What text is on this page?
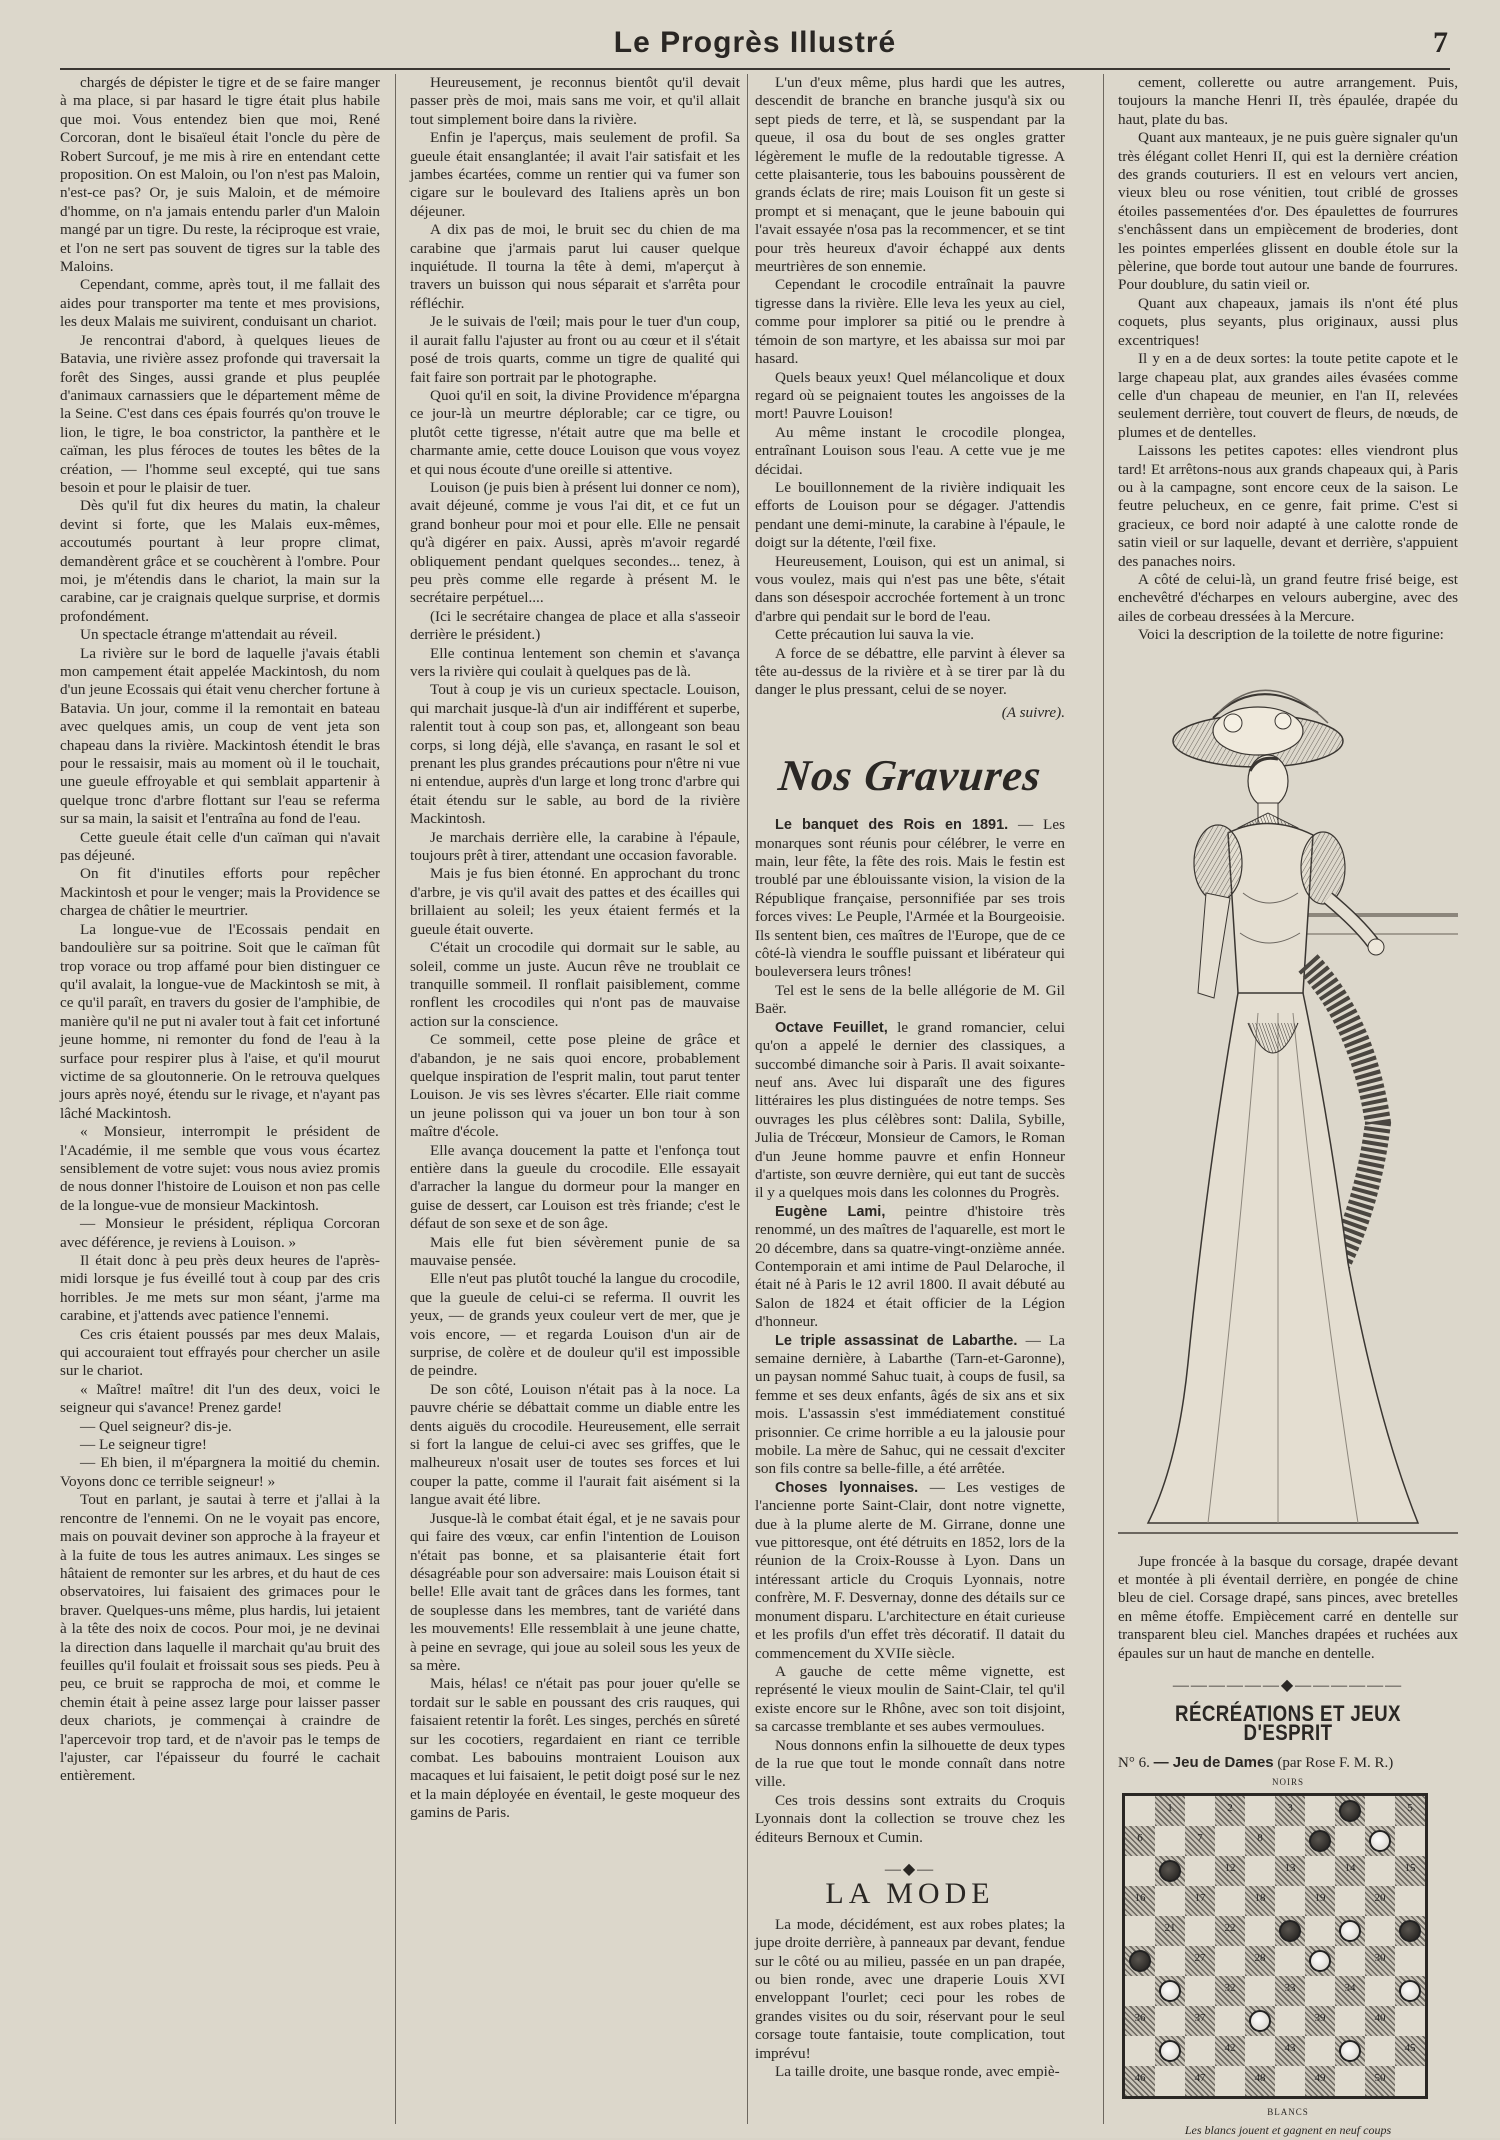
Le Progrès Illustré	7

chargés de dépister le tigre et de se faire manger à ma place, si par hasard le tigre était plus habile que moi. Vous entendez bien que moi, René Corcoran, dont le bisaïeul était l'oncle du père de Robert Surcouf, je me mis à rire en entendant cette proposition. On est Maloin, ou l'on n'est pas Maloin, n'est-ce pas? Or, je suis Maloin, et de mémoire d'homme, on n'a jamais entendu parler d'un Maloin mangé par un tigre. Du reste, la réciproque est vraie, et l'on ne sert pas souvent de tigres sur la table des Maloins.

Cependant, comme, après tout, il me fallait des aides pour transporter ma tente et mes provisions, les deux Malais me suivirent, conduisant un chariot.

Je rencontrai d'abord, à quelques lieues de Batavia, une rivière assez profonde qui traversait la forêt des Singes, aussi grande et plus peuplée d'animaux carnassiers que le département même de la Seine. C'est dans ces épais fourrés qu'on trouve le lion, le tigre, le boa constrictor, la panthère et le caïman, les plus féroces de toutes les bêtes de la création, — l'homme seul excepté, qui tue sans besoin et pour le plaisir de tuer.

Dès qu'il fut dix heures du matin, la chaleur devint si forte, que les Malais eux-mêmes, accoutumés pourtant à leur propre climat, demandèrent grâce et se couchèrent à l'ombre. Pour moi, je m'étendis dans le chariot, la main sur la carabine, car je craignais quelque surprise, et dormis profondément.

Un spectacle étrange m'attendait au réveil.

La rivière sur le bord de laquelle j'avais établi mon campement était appelée Mackintosh, du nom d'un jeune Ecossais qui était venu chercher fortune à Batavia. Un jour, comme il la remontait en bateau avec quelques amis, un coup de vent jeta son chapeau dans la rivière. Mackintosh étendit le bras pour le ressaisir, mais au moment où il le touchait, une gueule effroyable et qui semblait appartenir à quelque tronc d'arbre flottant sur l'eau se referma sur sa main, la saisit et l'entraîna au fond de l'eau.

Cette gueule était celle d'un caïman qui n'avait pas déjeuné.

On fit d'inutiles efforts pour repêcher Mackintosh et pour le venger; mais la Providence se chargea de châtier le meurtrier.

La longue-vue de l'Ecossais pendait en bandoulière sur sa poitrine. Soit que le caïman fût trop vorace ou trop affamé pour bien distinguer ce qu'il avalait, la longue-vue de Mackintosh se mit, à ce qu'il paraît, en travers du gosier de l'amphibie, de manière qu'il ne put ni avaler tout à fait cet infortuné jeune homme, ni remonter du fond de l'eau à la surface pour respirer plus à l'aise, et qu'il mourut victime de sa gloutonnerie. On le retrouva quelques jours après noyé, étendu sur le rivage, et n'ayant pas lâché Mackintosh.

« Monsieur, interrompit le président de l'Académie, il me semble que vous vous écartez sensiblement de votre sujet: vous nous aviez promis de nous donner l'histoire de Louison et non pas celle de la longue-vue de monsieur Mackintosh.

— Monsieur le président, répliqua Corcoran avec déférence, je reviens à Louison. »

Il était donc à peu près deux heures de l'après-midi lorsque je fus éveillé tout à coup par des cris horribles. Je me mets sur mon séant, j'arme ma carabine, et j'attends avec patience l'ennemi.

Ces cris étaient poussés par mes deux Malais, qui accouraient tout effrayés pour chercher un asile sur le chariot.

« Maître! maître! dit l'un des deux, voici le seigneur qui s'avance! Prenez garde!

— Quel seigneur? dis-je.

— Le seigneur tigre!

— Eh bien, il m'épargnera la moitié du chemin. Voyons donc ce terrible seigneur! »

Tout en parlant, je sautai à terre et j'allai à la rencontre de l'ennemi. On ne le voyait pas encore, mais on pouvait deviner son approche à la frayeur et à la fuite de tous les autres animaux. Les singes se hâtaient de remonter sur les arbres, et du haut de ces observatoires, lui faisaient des grimaces pour le braver. Quelques-uns même, plus hardis, lui jetaient à la tête des noix de cocos. Pour moi, je ne devinai la direction dans laquelle il marchait qu'au bruit des feuilles qu'il foulait et froissait sous ses pieds. Peu à peu, ce bruit se rapprocha de moi, et comme le chemin était à peine assez large pour laisser passer deux chariots, je commençai à craindre de l'apercevoir trop tard, et de n'avoir pas le temps de l'ajuster, car l'épaisseur du fourré le cachait entièrement.

Heureusement, je reconnus bientôt qu'il devait passer près de moi, mais sans me voir, et qu'il allait tout simplement boire dans la rivière.

Enfin je l'aperçus, mais seulement de profil. Sa gueule était ensanglantée; il avait l'air satisfait et les jambes écartées, comme un rentier qui va fumer son cigare sur le boulevard des Italiens après un bon déjeuner.

A dix pas de moi, le bruit sec du chien de ma carabine que j'armais parut lui causer quelque inquiétude. Il tourna la tête à demi, m'aperçut à travers un buisson qui nous séparait et s'arrêta pour réfléchir.

Je le suivais de l'œil; mais pour le tuer d'un coup, il aurait fallu l'ajuster au front ou au cœur et il s'était posé de trois quarts, comme un tigre de qualité qui fait faire son portrait par le photographe.

Quoi qu'il en soit, la divine Providence m'épargna ce jour-là un meurtre déplorable; car ce tigre, ou plutôt cette tigresse, n'était autre que ma belle et charmante amie, cette douce Louison que vous voyez et qui nous écoute d'une oreille si attentive.

Louison (je puis bien à présent lui donner ce nom), avait déjeuné, comme je vous l'ai dit, et ce fut un grand bonheur pour moi et pour elle. Elle ne pensait qu'à digérer en paix. Aussi, après m'avoir regardé obliquement pendant quelques secondes... tenez, à peu près comme elle regarde à présent M. le secrétaire perpétuel....

(Ici le secrétaire changea de place et alla s'asseoir derrière le président.)

Elle continua lentement son chemin et s'avança vers la rivière qui coulait à quelques pas de là.

Tout à coup je vis un curieux spectacle. Louison, qui marchait jusque-là d'un air indifférent et superbe, ralentit tout à coup son pas, et, allongeant son beau corps, si long déjà, elle s'avança, en rasant le sol et prenant les plus grandes précautions pour n'être ni vue ni entendue, auprès d'un large et long tronc d'arbre qui était étendu sur le sable, au bord de la rivière Mackintosh.

Je marchais derrière elle, la carabine à l'épaule, toujours prêt à tirer, attendant une occasion favorable.

Mais je fus bien étonné. En approchant du tronc d'arbre, je vis qu'il avait des pattes et des écailles qui brillaient au soleil; les yeux étaient fermés et la gueule était ouverte.

C'était un crocodile qui dormait sur le sable, au soleil, comme un juste. Aucun rêve ne troublait ce tranquille sommeil. Il ronflait paisiblement, comme ronflent les crocodiles qui n'ont pas de mauvaise action sur la conscience.

Ce sommeil, cette pose pleine de grâce et d'abandon, je ne sais quoi encore, probablement quelque inspiration de l'esprit malin, tout parut tenter Louison. Je vis ses lèvres s'écarter. Elle riait comme un jeune polisson qui va jouer un bon tour à son maître d'école.

Elle avança doucement la patte et l'enfonça tout entière dans la gueule du crocodile. Elle essayait d'arracher la langue du dormeur pour la manger en guise de dessert, car Louison est très friande; c'est le défaut de son sexe et de son âge.

Mais elle fut bien sévèrement punie de sa mauvaise pensée.

Elle n'eut pas plutôt touché la langue du crocodile, que la gueule de celui-ci se referma. Il ouvrit les yeux, — de grands yeux couleur vert de mer, que je vois encore, — et regarda Louison d'un air de surprise, de colère et de douleur qu'il est impossible de peindre.

De son côté, Louison n'était pas à la noce. La pauvre chérie se débattait comme un diable entre les dents aiguës du crocodile. Heureusement, elle serrait si fort la langue de celui-ci avec ses griffes, que le malheureux n'osait user de toutes ses forces et lui couper la patte, comme il l'aurait fait aisément si la langue avait été libre.

Jusque-là le combat était égal, et je ne savais pour qui faire des vœux, car enfin l'intention de Louison n'était pas bonne, et sa plaisanterie était fort désagréable pour son adversaire: mais Louison était si belle! Elle avait tant de grâces dans les formes, tant de souplesse dans les membres, tant de variété dans les mouvements! Elle ressemblait à une jeune chatte, à peine en sevrage, qui joue au soleil sous les yeux de sa mère.

Mais, hélas! ce n'était pas pour jouer qu'elle se tordait sur le sable en poussant des cris rauques, qui faisaient retentir la forêt. Les singes, perchés en sûreté sur les cocotiers, regardaient en riant ce terrible combat. Les babouins montraient Louison aux macaques et lui faisaient, le petit doigt posé sur le nez et la main déployée en éventail, le geste moqueur des gamins de Paris.

L'un d'eux même, plus hardi que les autres, descendit de branche en branche jusqu'à six ou sept pieds de terre, et là, se suspendant par la queue, il osa du bout de ses ongles gratter légèrement le mufle de la redoutable tigresse. A cette plaisanterie, tous les babouins poussèrent de grands éclats de rire; mais Louison fit un geste si prompt et si menaçant, que le jeune babouin qui l'avait essayée n'osa pas la recommencer, et se tint pour très heureux d'avoir échappé aux dents meurtrières de son ennemie.

Cependant le crocodile entraînait la pauvre tigresse dans la rivière. Elle leva les yeux au ciel, comme pour implorer sa pitié ou le prendre à témoin de son martyre, et les abaissa sur moi par hasard.

Quels beaux yeux! Quel mélancolique et doux regard où se peignaient toutes les angoisses de la mort! Pauvre Louison!

Au même instant le crocodile plongea, entraînant Louison sous l'eau. A cette vue je me décidai.

Le bouillonnement de la rivière indiquait les efforts de Louison pour se dégager. J'attendis pendant une demi-minute, la carabine à l'épaule, le doigt sur la détente, l'œil fixe.

Heureusement, Louison, qui est un animal, si vous voulez, mais qui n'est pas une bête, s'était dans son désespoir accrochée fortement à un tronc d'arbre qui pendait sur le bord de l'eau.

Cette précaution lui sauva la vie.

A force de se débattre, elle parvint à élever sa tête au-dessus de la rivière et à se tirer par là du danger le plus pressant, celui de se noyer.

(A suivre).
Nos Gravures

Le banquet des Rois en 1891. — Les monarques sont réunis pour célébrer, le verre en main, leur fête, la fête des rois. Mais le festin est troublé par une éblouissante vision, la vision de la République française, personnifiée par ses trois forces vives: Le Peuple, l'Armée et la Bourgeoisie. Ils sentent bien, ces maîtres de l'Europe, que de ce côté-là viendra le souffle puissant et libérateur qui bouleversera leurs trônes!

Tel est le sens de la belle allégorie de M. Gil Baër.

Octave Feuillet, le grand romancier, celui qu'on a appelé le dernier des classiques, a succombé dimanche soir à Paris. Il avait soixante-neuf ans. Avec lui disparaît une des figures littéraires les plus distinguées de notre temps. Ses ouvrages les plus célèbres sont: Dalila, Sybille, Julia de Trécœur, Monsieur de Camors, le Roman d'un Jeune homme pauvre et enfin Honneur d'artiste, son œuvre dernière, qui eut tant de succès il y a quelques mois dans les colonnes du Progrès.

Eugène Lami, peintre d'histoire très renommé, un des maîtres de l'aquarelle, est mort le 20 décembre, dans sa quatre-vingt-onzième année. Contemporain et ami intime de Paul Delaroche, il était né à Paris le 12 avril 1800. Il avait débuté au Salon de 1824 et était officier de la Légion d'honneur.

Le triple assassinat de Labarthe. — La semaine dernière, à Labarthe (Tarn-et-Garonne), un paysan nommé Sahuc tuait, à coups de fusil, sa femme et ses deux enfants, âgés de six ans et six mois. L'assassin s'est immédiatement constitué prisonnier. Ce crime horrible a eu la jalousie pour mobile. La mère de Sahuc, qui ne cessait d'exciter son fils contre sa belle-fille, a été arrêtée.

Choses lyonnaises. — Les vestiges de l'ancienne porte Saint-Clair, dont notre vignette, due à la plume alerte de M. Girrane, donne une vue pittoresque, ont été détruits en 1852, lors de la réunion de la Croix-Rousse à Lyon. Dans un intéressant article du Croquis Lyonnais, notre confrère, M. F. Desvernay, donne des détails sur ce monument disparu. L'architecture en était curieuse et les profils d'un effet très décoratif. Il datait du commencement du XVIIe siècle.

A gauche de cette même vignette, est représenté le vieux moulin de Saint-Clair, tel qu'il existe encore sur le Rhône, avec son toit disjoint, sa carcasse tremblante et ses aubes vermoulues.

Nous donnons enfin la silhouette de deux types de la rue que tout le monde connaît dans notre ville.

Ces trois dessins sont extraits du Croquis Lyonnais dont la collection se trouve chez les éditeurs Bernoux et Cumin.

—◆—
LA MODE

La mode, décidément, est aux robes plates; la jupe droite derrière, à panneaux par devant, fendue sur le côté ou au milieu, passée en un pan drapée, ou bien ronde, avec une draperie Louis XVI enveloppant l'ourlet; ceci pour les robes de grandes visites ou du soir, réservant pour le seul corsage toute fantaisie, toute complication, tout imprévu!

La taille droite, une basque ronde, avec empiè-

cement, collerette ou autre arrangement. Puis, toujours la manche Henri II, très épaulée, drapée du haut, plate du bas.

Quant aux manteaux, je ne puis guère signaler qu'un très élégant collet Henri II, qui est la dernière création des grands couturiers. Il est en velours vert ancien, vieux bleu ou rose vénitien, tout criblé de grosses étoiles passementées d'or. Des épaulettes de fourrures s'enchâssent dans un empiècement de broderies, dont les pointes emperlées glissent en double étole sur la pèlerine, que borde tout autour une bande de fourrures. Pour doublure, du satin vieil or.

Quant aux chapeaux, jamais ils n'ont été plus coquets, plus seyants, plus originaux, aussi plus excentriques!

Il y en a de deux sortes: la toute petite capote et le large chapeau plat, aux grandes ailes évasées comme celle d'un chapeau de meunier, en l'an II, relevées seulement derrière, tout couvert de fleurs, de nœuds, de plumes et de dentelles.

Laissons les petites capotes: elles viendront plus tard! Et arrêtons-nous aux grands chapeaux qui, à Paris ou à la campagne, sont encore ceux de la saison. Le feutre pelucheux, en ce genre, fait prime. C'est si gracieux, ce bord noir adapté à une calotte ronde de satin vieil or sur laquelle, devant et derrière, s'appuient des panaches noirs.

A côté de celui-là, un grand feutre frisé beige, est enchevêtré d'écharpes en velours aubergine, avec des ailes de corbeau dressées à la Mercure.

Voici la description de la toilette de notre figurine:

Jupe froncée à la basque du corsage, drapée devant et montée à pli éventail derrière, en pongée de chine bleu de ciel. Corsage drapé, sans pinces, avec bretelles en même étoffe. Empiècement carré en dentelle sur transparent bleu ciel. Manches drapées et ruchées aux épaules sur un haut de manche en dentelle.
——————◆——————
RÉCRÉATIONS ET JEUX D'ESPRIT
N° 6. — Jeu de Dames (par Rose F. M. R.)
NOIRS
1	2	3	5
6	7	8
12	13	14	15
16	17	18	19	20
21	22
27	28	30
32	33	34
36	37	39	40
42	43	45
46	47	48	49	50
BLANCS
Les blancs jouent et gagnent en neuf coups
